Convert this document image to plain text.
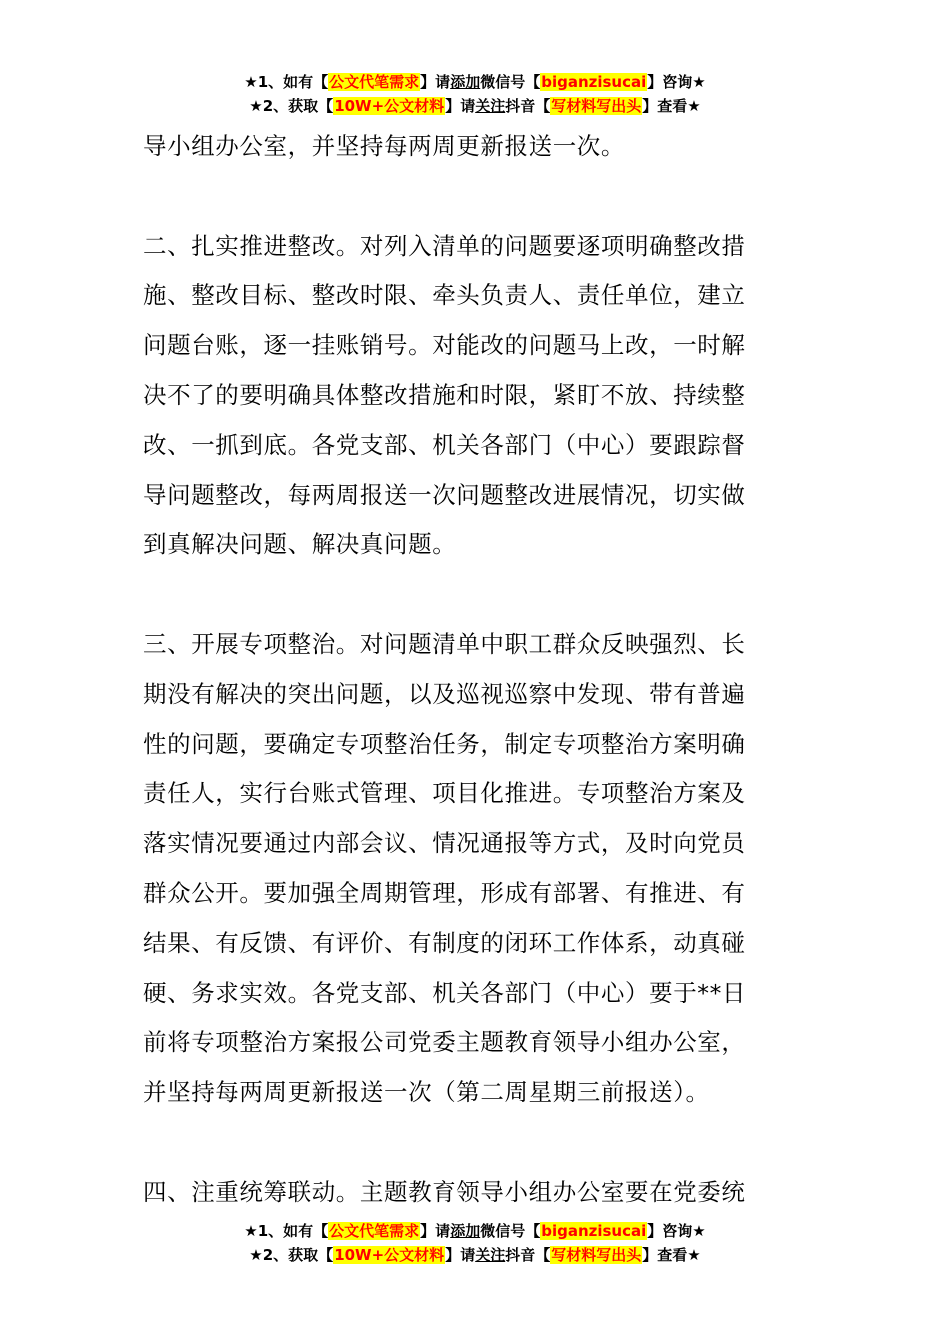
★1、如有【公文代笔需求】请添加微信号【biganzisucai】咨询★
★2、获取【10W+公文材料】请关注抖音【写材料写出头】查看★
导小组办公室，并坚持每两周更新报送一次。
二、扎实推进整改。对列入清单的问题要逐项明确整改措
施、整改目标、整改时限、牵头负责人、责任单位，建立
问题台账，逐一挂账销号。对能改的问题马上改，一时解
决不了的要明确具体整改措施和时限，紧盯不放、持续整
改、一抓到底。各党支部、机关各部门（中心）要跟踪督
导问题整改，每两周报送一次问题整改进展情况，切实做
到真解决问题、解决真问题。
三、开展专项整治。对问题清单中职工群众反映强烈、长
期没有解决的突出问题，以及巡视巡察中发现、带有普遍
性的问题，要确定专项整治任务，制定专项整治方案明确
责任人，实行台账式管理、项目化推进。专项整治方案及
落实情况要通过内部会议、情况通报等方式，及时向党员
群众公开。要加强全周期管理，形成有部署、有推进、有
结果、有反馈、有评价、有制度的闭环工作体系，动真碰
硬、务求实效。各党支部、机关各部门（中心）要于**日
前将专项整治方案报公司党委主题教育领导小组办公室，
并坚持每两周更新报送一次（第二周星期三前报送）。
四、注重统筹联动。主题教育领导小组办公室要在党委统
★1、如有【公文代笔需求】请添加微信号【biganzisucai】咨询★
★2、获取【10W+公文材料】请关注抖音【写材料写出头】查看★
